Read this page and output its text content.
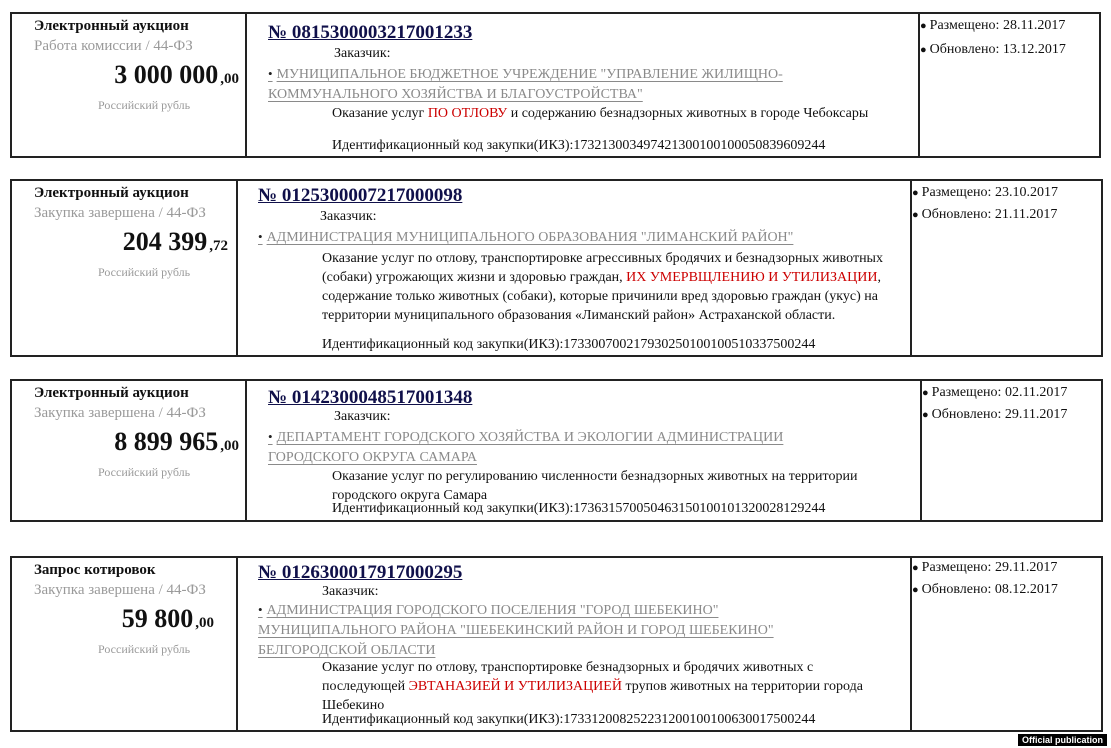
Электронный аукцион
Работа комиссии / 44-ФЗ
3 000 000 ,00
Российский рубль
№ 0815300003217001233
Заказчик:
• МУНИЦИПАЛЬНОЕ БЮДЖЕТНОЕ УЧРЕЖДЕНИЕ "УПРАВЛЕНИЕ ЖИЛИЩНО-
КОММУНАЛЬНОГО ХОЗЯЙСТВА И БЛАГОУСТРОЙСТВА"
Оказание услуг ПО ОТЛОВУ и содержанию безнадзорных животных в городе Чебоксары
Идентификационный код закупки(ИКЗ):173213003497421300100100050839609244
● Размещено: 28.11.2017
● Обновлено: 13.12.2017
Электронный аукцион
Закупка завершена / 44-ФЗ
204 399 ,72
Российский рубль
№ 0125300007217000098
Заказчик:
• АДМИНИСТРАЦИЯ МУНИЦИПАЛЬНОГО ОБРАЗОВАНИЯ "ЛИМАНСКИЙ РАЙОН"
Оказание услуг по отлову, транспортировке агрессивных бродячих и безнадзорных животных (собаки) угрожающих жизни и здоровью граждан, ИХ УМЕРВЩЛЕНИЮ И УТИЛИЗАЦИИ, содержание только животных (собаки), которые причинили вред здоровью граждан (укус) на территории муниципального образования «Лиманский район» Астраханской области.
Идентификационный код закупки(ИКЗ):173300700217930250100100510337500244
● Размещено: 23.10.2017
● Обновлено: 21.11.2017
Электронный аукцион
Закупка завершена / 44-ФЗ
8 899 965 ,00
Российский рубль
№ 0142300048517001348
Заказчик:
• ДЕПАРТАМЕНТ ГОРОДСКОГО ХОЗЯЙСТВА И ЭКОЛОГИИ АДМИНИСТРАЦИИ
ГОРОДСКОГО ОКРУГА САМАРА
Оказание услуг по регулированию численности безнадзорных животных на территории городского округа Самара
Идентификационный код закупки(ИКЗ):173631570050463150100101320028129244
● Размещено: 02.11.2017
● Обновлено: 29.11.2017
Запрос котировок
Закупка завершена / 44-ФЗ
59 800 ,00
Российский рубль
№ 0126300017917000295
Заказчик:
• АДМИНИСТРАЦИЯ ГОРОДСКОГО ПОСЕЛЕНИЯ "ГОРОД ШЕБЕКИНО"
МУНИЦИПАЛЬНОГО РАЙОНА "ШЕБЕКИНСКИЙ РАЙОН И ГОРОД ШЕБЕКИНО"
БЕЛГОРОДСКОЙ ОБЛАСТИ
Оказание услуг по отлову, транспортировке безнадзорных и бродячих животных с последующей ЭВТАНАЗИЕЙ И УТИЛИЗАЦИЕЙ трупов животных на территории города Шебекино
Идентификационный код закупки(ИКЗ):173312008252231200100100630017500244
● Размещено: 29.11.2017
● Обновлено: 08.12.2017
Official publication
